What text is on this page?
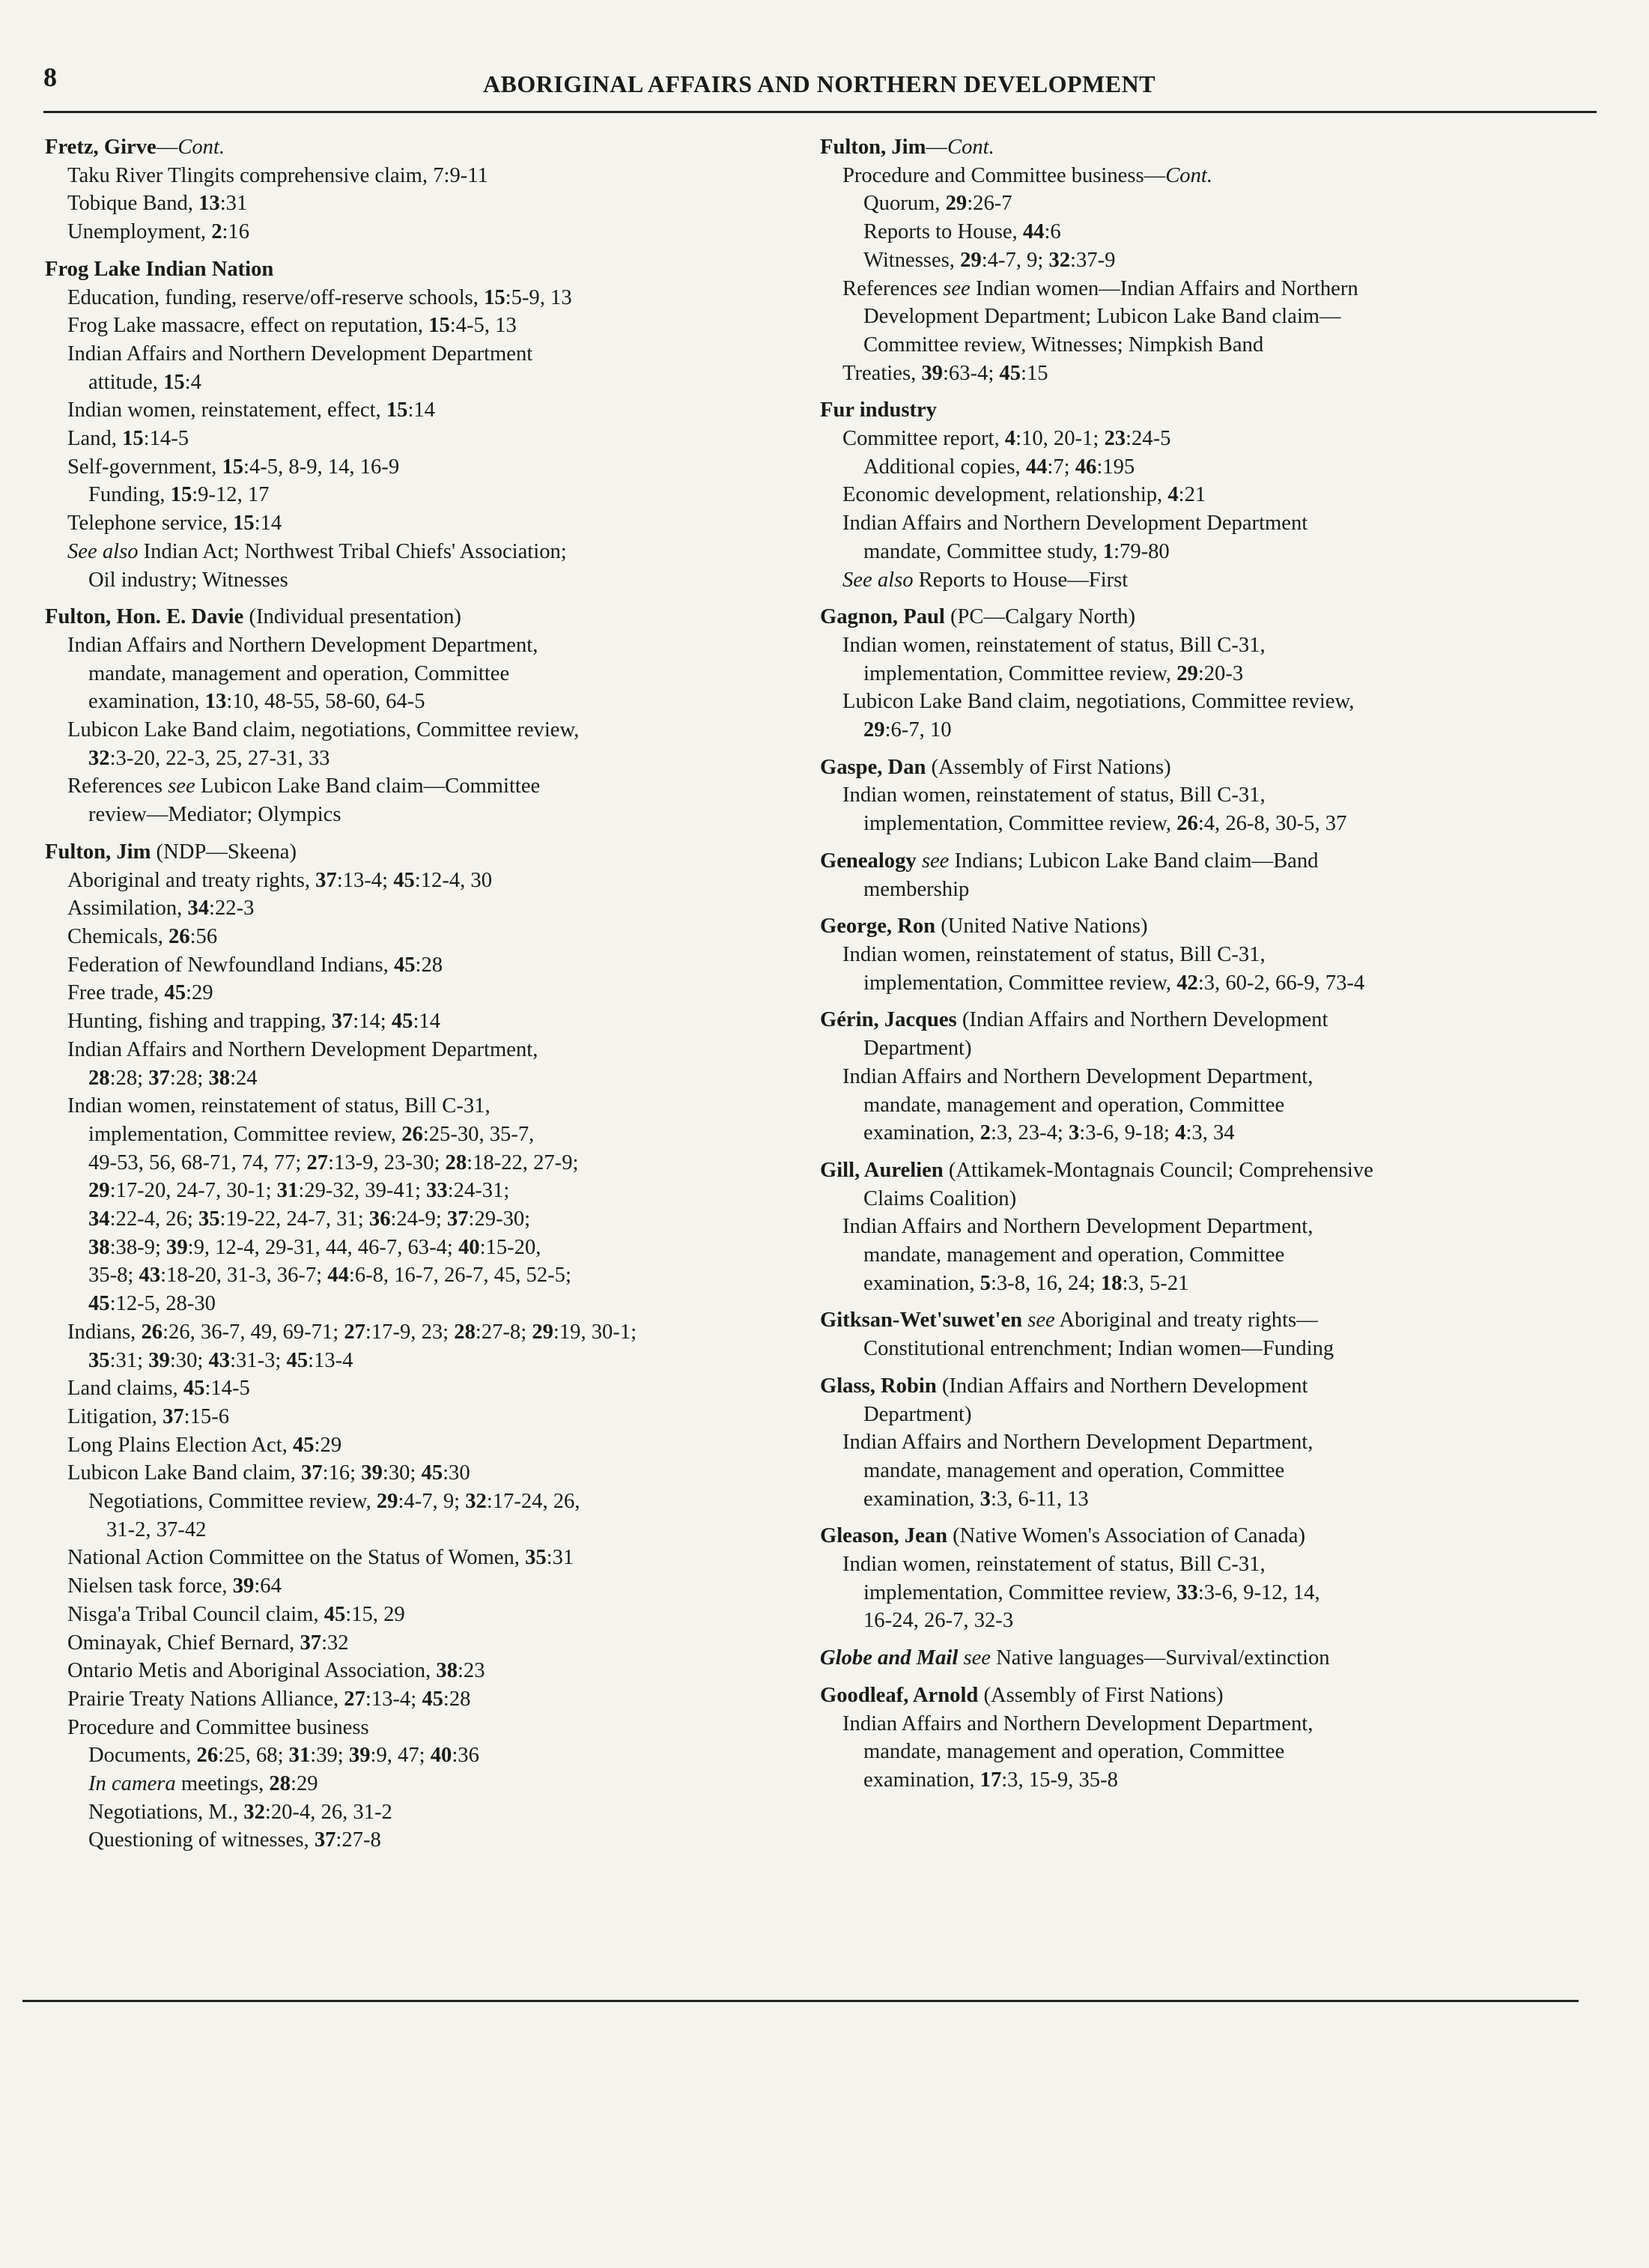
8	ABORIGINAL AFFAIRS AND NORTHERN DEVELOPMENT
Fretz, Girve—Cont.
Taku River Tlingits comprehensive claim, 7:9-11
Tobique Band, 13:31
Unemployment, 2:16
Frog Lake Indian Nation
Education, funding, reserve/off-reserve schools, 15:5-9, 13
Frog Lake massacre, effect on reputation, 15:4-5, 13
Indian Affairs and Northern Development Department
attitude, 15:4
Indian women, reinstatement, effect, 15:14
Land, 15:14-5
Self-government, 15:4-5, 8-9, 14, 16-9
Funding, 15:9-12, 17
Telephone service, 15:14
See also Indian Act; Northwest Tribal Chiefs' Association;
Oil industry; Witnesses
Fulton, Hon. E. Davie (Individual presentation)
Indian Affairs and Northern Development Department,
mandate, management and operation, Committee
examination, 13:10, 48-55, 58-60, 64-5
Lubicon Lake Band claim, negotiations, Committee review,
32:3-20, 22-3, 25, 27-31, 33
References see Lubicon Lake Band claim—Committee
review—Mediator; Olympics
Fulton, Jim (NDP—Skeena)
Aboriginal and treaty rights, 37:13-4; 45:12-4, 30
Assimilation, 34:22-3
Chemicals, 26:56
Federation of Newfoundland Indians, 45:28
Free trade, 45:29
Hunting, fishing and trapping, 37:14; 45:14
Indian Affairs and Northern Development Department,
28:28; 37:28; 38:24
Indian women, reinstatement of status, Bill C-31,
implementation, Committee review, 26:25-30, 35-7,
49-53, 56, 68-71, 74, 77; 27:13-9, 23-30; 28:18-22, 27-9;
29:17-20, 24-7, 30-1; 31:29-32, 39-41; 33:24-31;
34:22-4, 26; 35:19-22, 24-7, 31; 36:24-9; 37:29-30;
38:38-9; 39:9, 12-4, 29-31, 44, 46-7, 63-4; 40:15-20,
35-8; 43:18-20, 31-3, 36-7; 44:6-8, 16-7, 26-7, 45, 52-5;
45:12-5, 28-30
Indians, 26:26, 36-7, 49, 69-71; 27:17-9, 23; 28:27-8; 29:19, 30-1;
35:31; 39:30; 43:31-3; 45:13-4
Land claims, 45:14-5
Litigation, 37:15-6
Long Plains Election Act, 45:29
Lubicon Lake Band claim, 37:16; 39:30; 45:30
Negotiations, Committee review, 29:4-7, 9; 32:17-24, 26,
31-2, 37-42
National Action Committee on the Status of Women, 35:31
Nielsen task force, 39:64
Nisga'a Tribal Council claim, 45:15, 29
Ominayak, Chief Bernard, 37:32
Ontario Metis and Aboriginal Association, 38:23
Prairie Treaty Nations Alliance, 27:13-4; 45:28
Procedure and Committee business
Documents, 26:25, 68; 31:39; 39:9, 47; 40:36
In camera meetings, 28:29
Negotiations, M., 32:20-4, 26, 31-2
Questioning of witnesses, 37:27-8
Fulton, Jim—Cont.
Procedure and Committee business—Cont.
Quorum, 29:26-7
Reports to House, 44:6
Witnesses, 29:4-7, 9; 32:37-9
References see Indian women—Indian Affairs and Northern
Development Department; Lubicon Lake Band claim—
Committee review, Witnesses; Nimpkish Band
Treaties, 39:63-4; 45:15
Fur industry
Committee report, 4:10, 20-1; 23:24-5
Additional copies, 44:7; 46:195
Economic development, relationship, 4:21
Indian Affairs and Northern Development Department
mandate, Committee study, 1:79-80
See also Reports to House—First
Gagnon, Paul (PC—Calgary North)
Indian women, reinstatement of status, Bill C-31,
implementation, Committee review, 29:20-3
Lubicon Lake Band claim, negotiations, Committee review,
29:6-7, 10
Gaspe, Dan (Assembly of First Nations)
Indian women, reinstatement of status, Bill C-31,
implementation, Committee review, 26:4, 26-8, 30-5, 37
Genealogy see Indians; Lubicon Lake Band claim—Band
membership
George, Ron (United Native Nations)
Indian women, reinstatement of status, Bill C-31,
implementation, Committee review, 42:3, 60-2, 66-9, 73-4
Gérin, Jacques (Indian Affairs and Northern Development
Department)
Indian Affairs and Northern Development Department,
mandate, management and operation, Committee
examination, 2:3, 23-4; 3:3-6, 9-18; 4:3, 34
Gill, Aurelien (Attikamek-Montagnais Council; Comprehensive
Claims Coalition)
Indian Affairs and Northern Development Department,
mandate, management and operation, Committee
examination, 5:3-8, 16, 24; 18:3, 5-21
Gitksan-Wet'suwet'en see Aboriginal and treaty rights—
Constitutional entrenchment; Indian women—Funding
Glass, Robin (Indian Affairs and Northern Development
Department)
Indian Affairs and Northern Development Department,
mandate, management and operation, Committee
examination, 3:3, 6-11, 13
Gleason, Jean (Native Women's Association of Canada)
Indian women, reinstatement of status, Bill C-31,
implementation, Committee review, 33:3-6, 9-12, 14,
16-24, 26-7, 32-3
Globe and Mail see Native languages—Survival/extinction
Goodleaf, Arnold (Assembly of First Nations)
Indian Affairs and Northern Development Department,
mandate, management and operation, Committee
examination, 17:3, 15-9, 35-8
